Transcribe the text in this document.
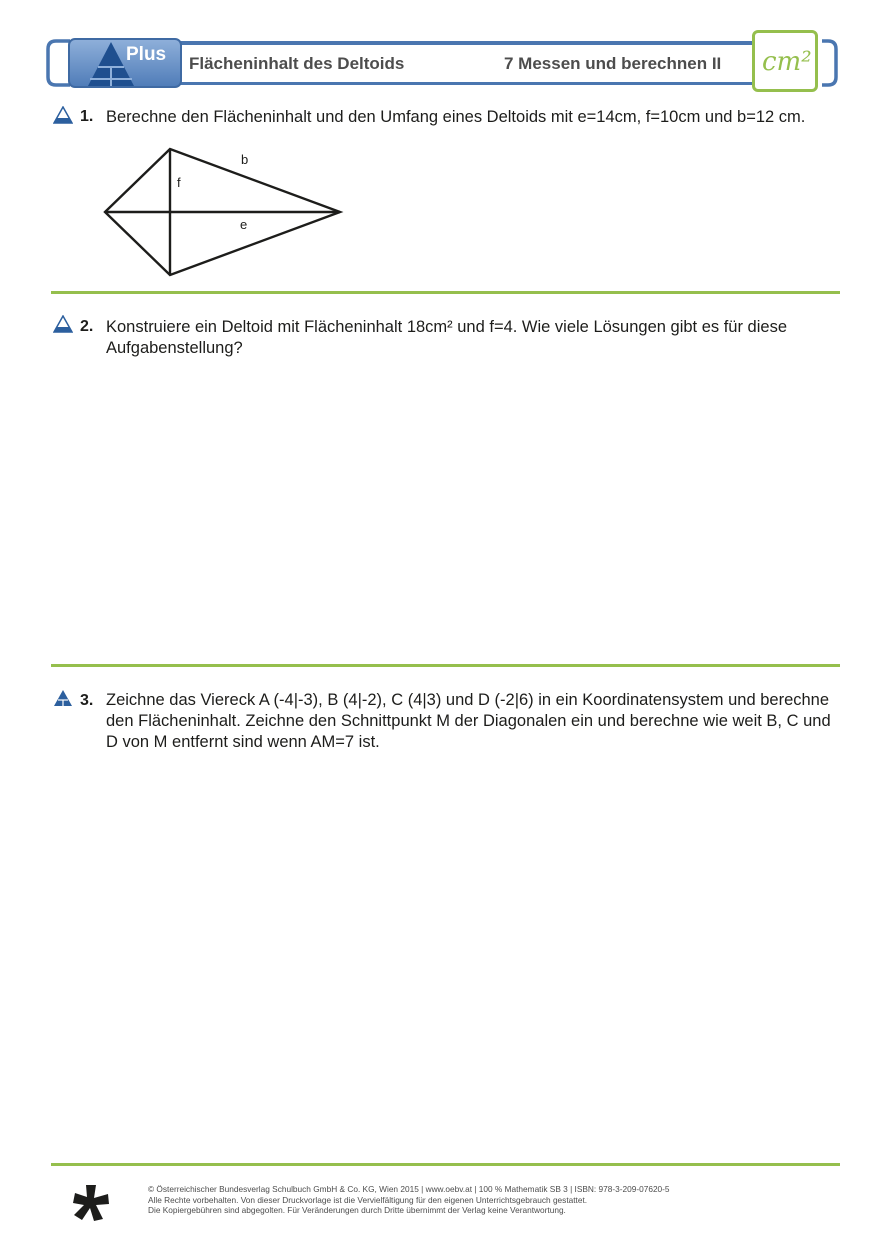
Plus Flächeninhalt des Deltoids	7 Messen und berechnen II cm²
1. Berechne den Flächeninhalt und den Umfang eines Deltoids mit e=14cm, f=10cm und b=12 cm.
b
f
e
2. Konstruiere ein Deltoid mit Flächeninhalt 18cm² und f=4. Wie viele Lösungen gibt es für diese Aufgabenstellung?
3. Zeichne das Viereck A (-4|-3), B (4|-2), C (4|3) und D (-2|6) in ein Koordinatensystem und berechne den Flächeninhalt. Zeichne den Schnittpunkt M der Diagonalen ein und berechne wie weit B, C und D von M entfernt sind wenn AM=7 ist.
© Österreichischer Bundesverlag Schulbuch GmbH & Co. KG, Wien 2015 | www.oebv.at | 100 % Mathematik SB 3 | ISBN: 978-3-209-07620-5
Alle Rechte vorbehalten. Von dieser Druckvorlage ist die Vervielfältigung für den eigenen Unterrichtsgebrauch gestattet.
Die Kopiergebühren sind abgegolten. Für Veränderungen durch Dritte übernimmt der Verlag keine Verantwortung.
